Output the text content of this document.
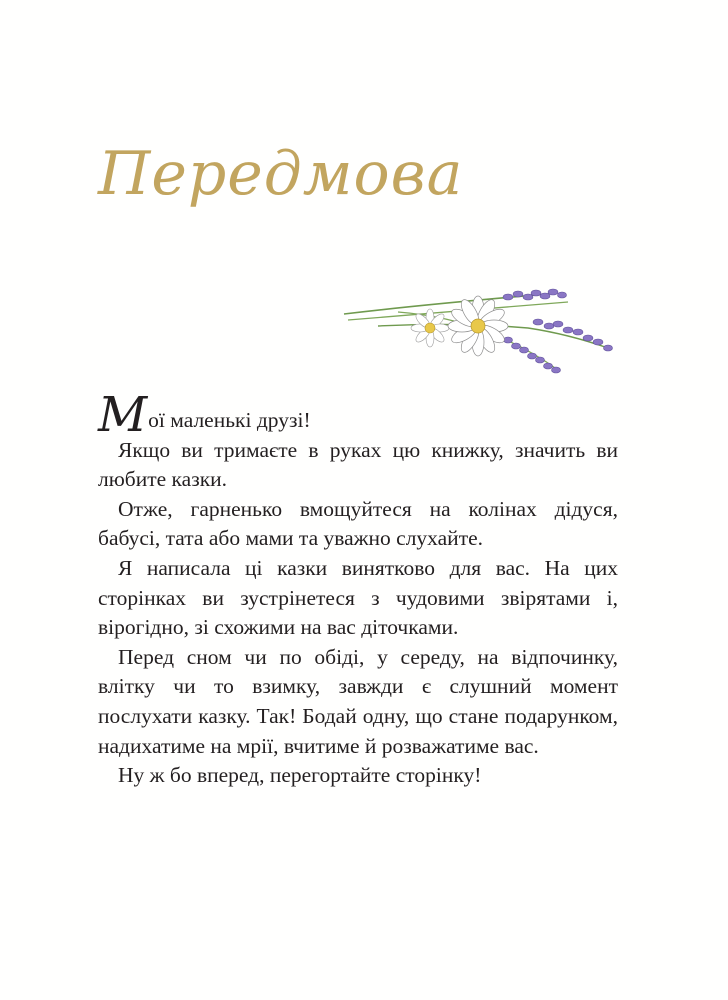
Передмова

Мої маленькі друзі!

Якщо ви тримаєте в руках цю книжку, значить ви любите казки.

Отже, гарненько вмощуйтеся на колінах дідуся, бабусі, тата або мами та уважно слухайте.

Я написала ці казки винятково для вас. На цих сторінках ви зустрінетеся з чудовими звірятами і, вірогідно, зі схожими на вас діточками.

Перед сном чи по обіді, у середу, на відпочинку, влітку чи то взимку, завжди є слушний момент послухати казку. Так! Бодай одну, що стане подарунком, надихатиме на мрії, вчитиме й розважатиме вас.

Ну ж бо вперед, перегортайте сторінку!
